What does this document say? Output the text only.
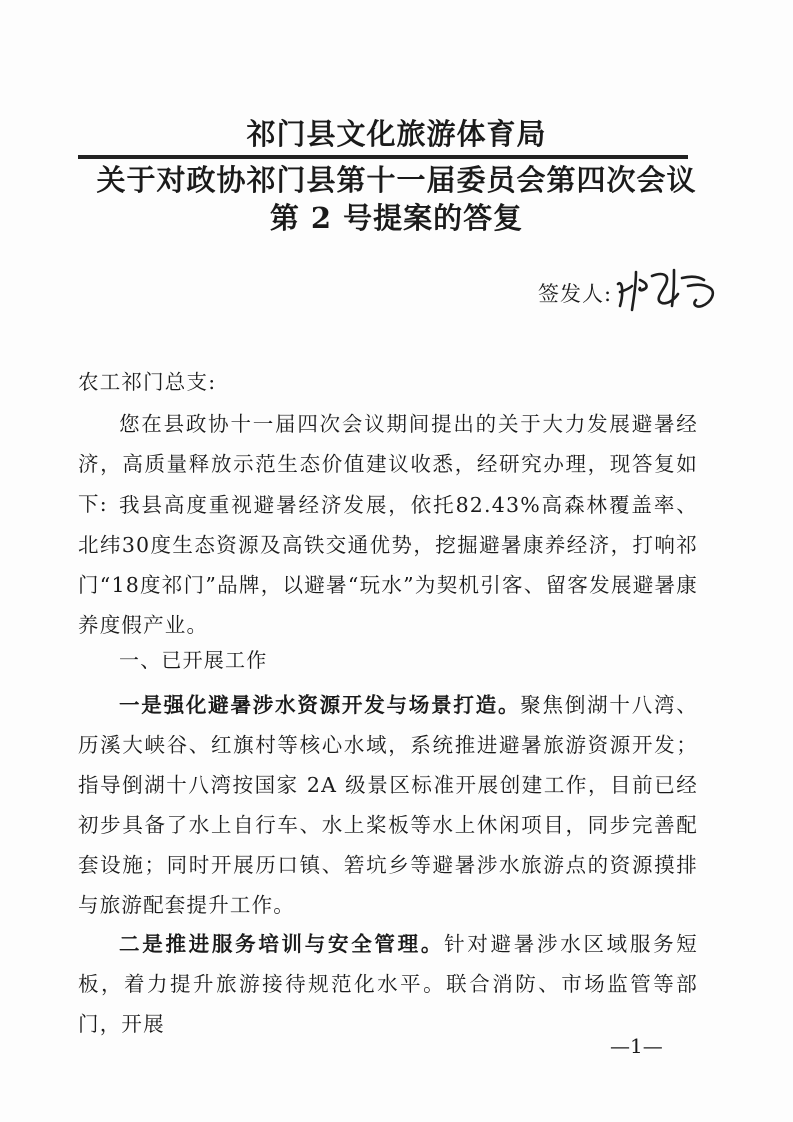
祁门县文化旅游体育局
关于对政协祁门县第十一届委员会第四次会议
第 2 号提案的答复
签发人:
农工祁门总支:
您在县政协十一届四次会议期间提出的关于大力发展避暑经济，高质量释放示范生态价值建议收悉，经研究办理，现答复如下: 我县高度重视避暑经济发展，依托82.43%高森林覆盖率、北纬30度生态资源及高铁交通优势，挖掘避暑康养经济，打响祁门“18度祁门”品牌，以避暑“玩水”为契机引客、留客发展避暑康养度假产业。
一、已开展工作
一是强化避暑涉水资源开发与场景打造。聚焦倒湖十八湾、历溪大峡谷、红旗村等核心水域，系统推进避暑旅游资源开发；指导倒湖十八湾按国家 2A 级景区标准开展创建工作，目前已经初步具备了水上自行车、水上桨板等水上休闲项目，同步完善配套设施；同时开展历口镇、箬坑乡等避暑涉水旅游点的资源摸排与旅游配套提升工作。
二是推进服务培训与安全管理。针对避暑涉水区域服务短板，着力提升旅游接待规范化水平。联合消防、市场监管等部门，开展
—1—
